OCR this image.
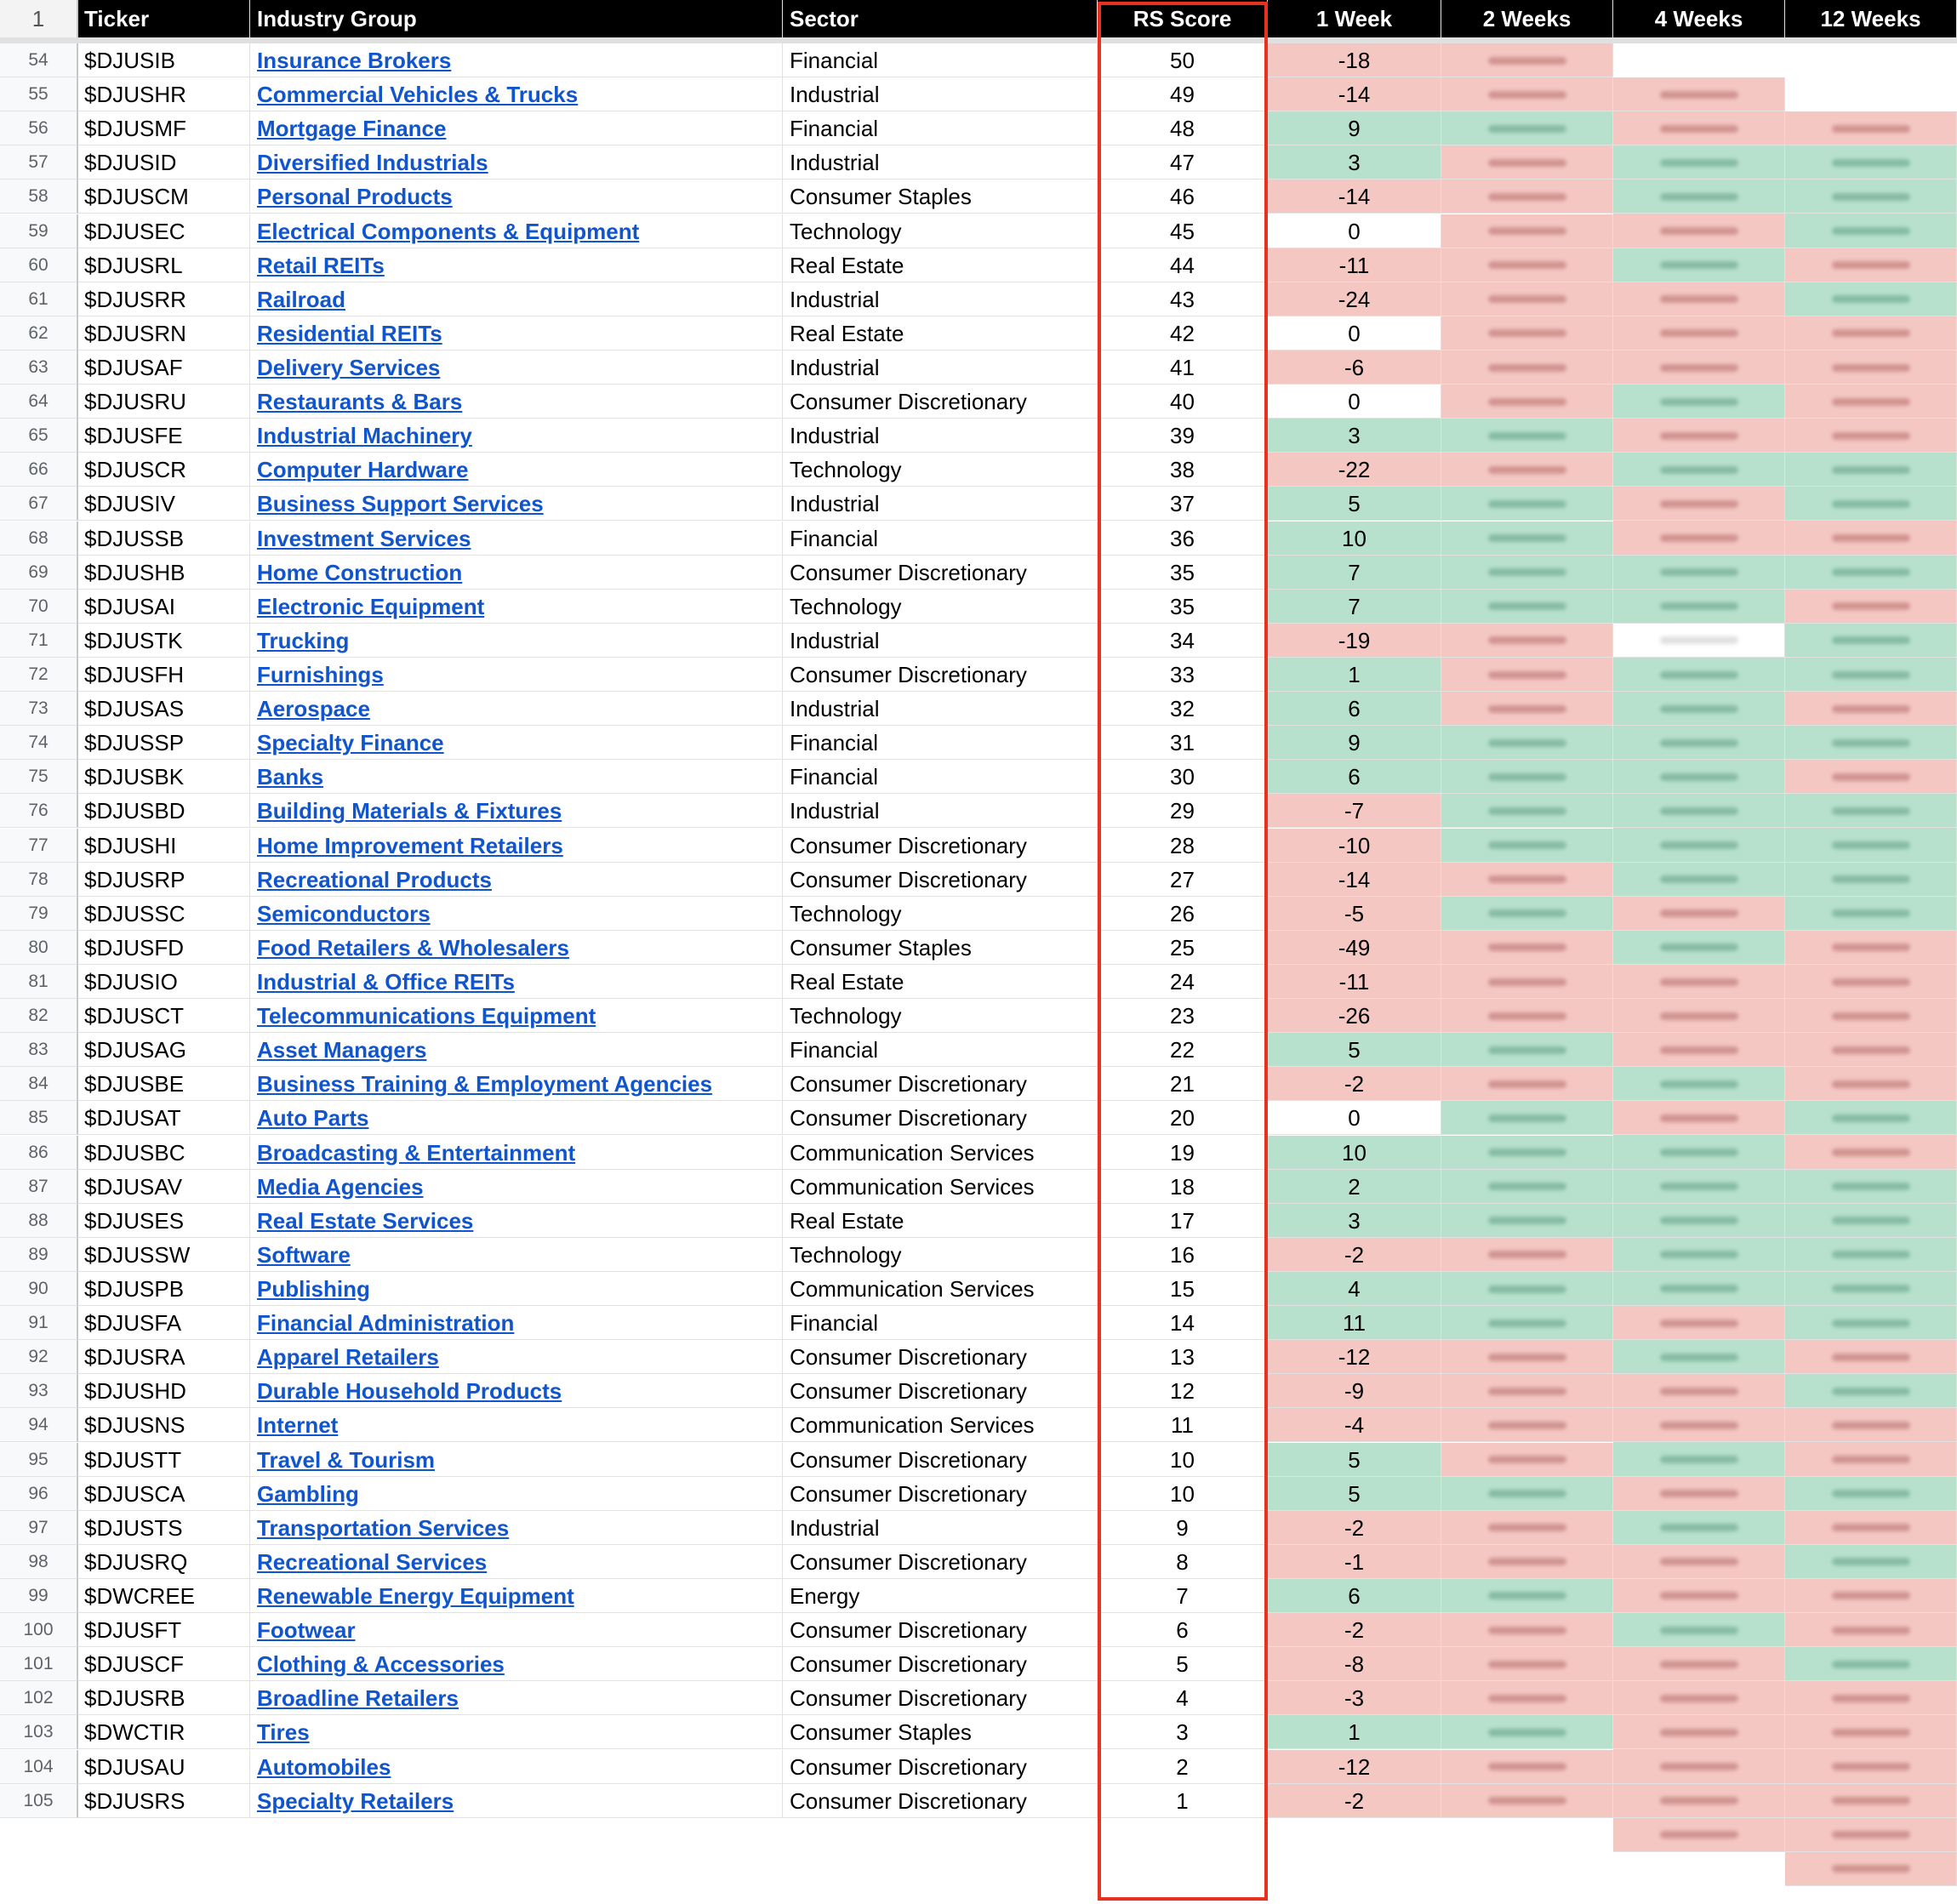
1	Ticker	Industry Group	Sector	RS Score	1 Week	2 Weeks	4 Weeks	12 Weeks
54	$DJUSIB	Insurance Brokers	Financial	50	-18
55	$DJUSHR	Commercial Vehicles & Trucks	Industrial	49	-14
56	$DJUSMF	Mortgage Finance	Financial	48	9
57	$DJUSID	Diversified Industrials	Industrial	47	3
58	$DJUSCM	Personal Products	Consumer Staples	46	-14
59	$DJUSEC	Electrical Components & Equipment	Technology	45	0
60	$DJUSRL	Retail REITs	Real Estate	44	-11
61	$DJUSRR	Railroad	Industrial	43	-24
62	$DJUSRN	Residential REITs	Real Estate	42	0
63	$DJUSAF	Delivery Services	Industrial	41	-6
64	$DJUSRU	Restaurants & Bars	Consumer Discretionary	40	0
65	$DJUSFE	Industrial Machinery	Industrial	39	3
66	$DJUSCR	Computer Hardware	Technology	38	-22
67	$DJUSIV	Business Support Services	Industrial	37	5
68	$DJUSSB	Investment Services	Financial	36	10
69	$DJUSHB	Home Construction	Consumer Discretionary	35	7
70	$DJUSAI	Electronic Equipment	Technology	35	7
71	$DJUSTK	Trucking	Industrial	34	-19
72	$DJUSFH	Furnishings	Consumer Discretionary	33	1
73	$DJUSAS	Aerospace	Industrial	32	6
74	$DJUSSP	Specialty Finance	Financial	31	9
75	$DJUSBK	Banks	Financial	30	6
76	$DJUSBD	Building Materials & Fixtures	Industrial	29	-7
77	$DJUSHI	Home Improvement Retailers	Consumer Discretionary	28	-10
78	$DJUSRP	Recreational Products	Consumer Discretionary	27	-14
79	$DJUSSC	Semiconductors	Technology	26	-5
80	$DJUSFD	Food Retailers & Wholesalers	Consumer Staples	25	-49
81	$DJUSIO	Industrial & Office REITs	Real Estate	24	-11
82	$DJUSCT	Telecommunications Equipment	Technology	23	-26
83	$DJUSAG	Asset Managers	Financial	22	5
84	$DJUSBE	Business Training & Employment Agencies	Consumer Discretionary	21	-2
85	$DJUSAT	Auto Parts	Consumer Discretionary	20	0
86	$DJUSBC	Broadcasting & Entertainment	Communication Services	19	10
87	$DJUSAV	Media Agencies	Communication Services	18	2
88	$DJUSES	Real Estate Services	Real Estate	17	3
89	$DJUSSW	Software	Technology	16	-2
90	$DJUSPB	Publishing	Communication Services	15	4
91	$DJUSFA	Financial Administration	Financial	14	11
92	$DJUSRA	Apparel Retailers	Consumer Discretionary	13	-12
93	$DJUSHD	Durable Household Products	Consumer Discretionary	12	-9
94	$DJUSNS	Internet	Communication Services	11	-4
95	$DJUSTT	Travel & Tourism	Consumer Discretionary	10	5
96	$DJUSCA	Gambling	Consumer Discretionary	10	5
97	$DJUSTS	Transportation Services	Industrial	9	-2
98	$DJUSRQ	Recreational Services	Consumer Discretionary	8	-1
99	$DWCREE	Renewable Energy Equipment	Energy	7	6
100	$DJUSFT	Footwear	Consumer Discretionary	6	-2
101	$DJUSCF	Clothing & Accessories	Consumer Discretionary	5	-8
102	$DJUSRB	Broadline Retailers	Consumer Discretionary	4	-3
103	$DWCTIR	Tires	Consumer Staples	3	1
104	$DJUSAU	Automobiles	Consumer Discretionary	2	-12
105	$DJUSRS	Specialty Retailers	Consumer Discretionary	1	-2
